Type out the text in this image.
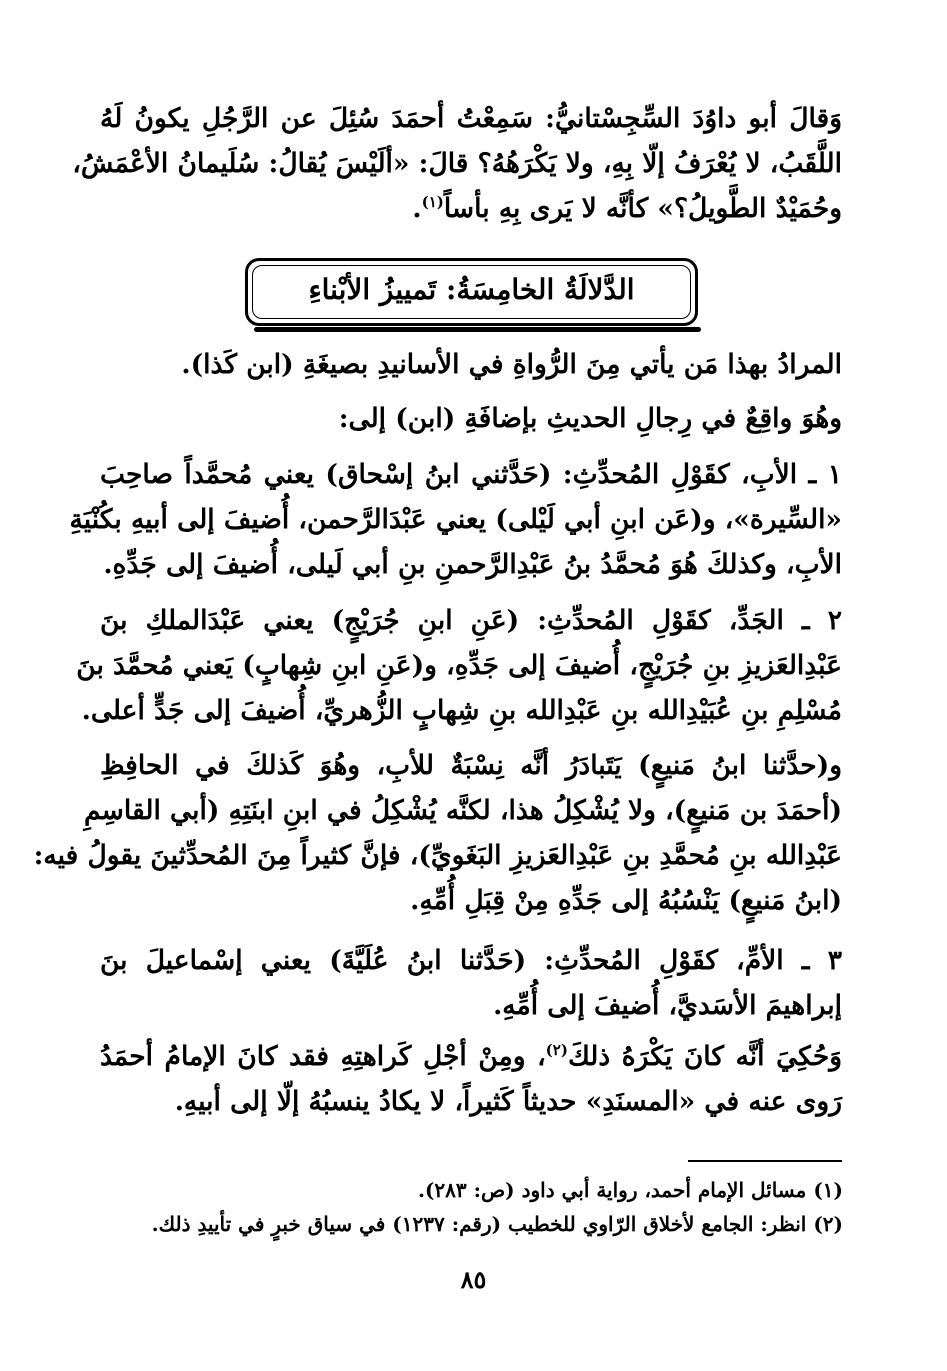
وَقالَ أبو داوُدَ السِّجِسْتانيُّ: سَمِعْتُ أحمَدَ سُئِلَ عن الرَّجُلِ يكونُ لَهُ
اللَّقَبُ، لا يُعْرَفُ إلّا بِهِ، ولا يَكْرَهُهُ؟ قالَ: «ألَيْسَ يُقالُ: سُلَيمانُ الأعْمَشُ،
وحُمَيْدٌ الطَّويلُ؟» كأنَّه لا يَرى بِهِ بأساً$^{(١)}$.
الدَّلالَةُ الخامِسَةُ: تَمييزُ الأبْناءِ
المرادُ بهذا مَن يأتي مِنَ الرُّواةِ في الأسانيدِ بصيغَةِ (ابن كَذا).
وهُوَ واقِعٌ في رِجالِ الحديثِ بإضافَةِ (ابن) إلى:
١ ـ الأبِ، كقَوْلِ المُحدِّثِ: (حَدَّثني ابنُ إسْحاق) يعني مُحمَّداً صاحِبَ
«السِّيرة»، و(عَن ابنِ أبي لَيْلى) يعني عَبْدَالرَّحمن، أُضيفَ إلى أبيهِ بكُنْيَةِ
الأبِ، وكذلكَ هُوَ مُحمَّدُ بنُ عَبْدِالرَّحمنِ بنِ أبي لَيلى، أُضيفَ إلى جَدِّهِ.
٢ ـ الجَدِّ، كقَوْلِ المُحدِّثِ: (عَنِ ابنِ جُرَيْجٍ) يعني عَبْدَالملكِ بنَ
عَبْدِالعَزيزِ بنِ جُرَيْجٍ، أُضيفَ إلى جَدِّهِ، و(عَنِ ابنِ شِهابٍ) يَعني مُحمَّدَ بنَ
مُسْلِمِ بنِ عُبَيْدِالله بنِ عَبْدِالله بنِ شِهابٍ الزُّهريِّ، أُضيفَ إلى جَدٍّ أعلى.
و(حدَّثنا ابنُ مَنيعٍ) يَتَبادَرُ أنَّه نِسْبَةٌ للأبِ، وهُوَ كَذلكَ في الحافِظِ
(أحمَدَ بن مَنيعٍ)، ولا يُشْكِلُ هذا، لكنَّه يُشْكِلُ في ابنِ ابنَتِهِ (أبي القاسِمِ
عَبْدِالله بنِ مُحمَّدِ بنِ عَبْدِالعَزيزِ البَغَويِّ)، فإنَّ كثيراً مِنَ المُحدِّثينَ يقولُ فيه:
(ابنُ مَنيعٍ) يَنْسُبُهُ إلى جَدِّهِ مِنْ قِبَلِ أُمِّهِ.
٣ ـ الأمِّ، كقَوْلِ المُحدِّثِ: (حَدَّثنا ابنُ عُلَيَّةَ) يعني إسْماعيلَ بنَ
إبراهيمَ الأسَديَّ، أُضيفَ إلى أُمِّهِ.
وَحُكِيَ أنَّه كانَ يَكْرَهُ ذلكَ$^{(٢)}$، ومِنْ أجْلِ كَراهتِهِ فقد كانَ الإمامُ أحمَدُ
رَوى عنه في «المسنَدِ» حديثاً كَثيراً، لا يكادُ ينسبُهُ إلّا إلى أبيهِ.
(١) مسائل الإمام أحمد، رواية أبي داود (ص: ٢٨٣).
(٢) انظر: الجامع لأخلاق الرّاوي للخطيب (رقم: ١٢٣٧) في سياق خبرٍ في تأييدِ ذلك.
٨٥
